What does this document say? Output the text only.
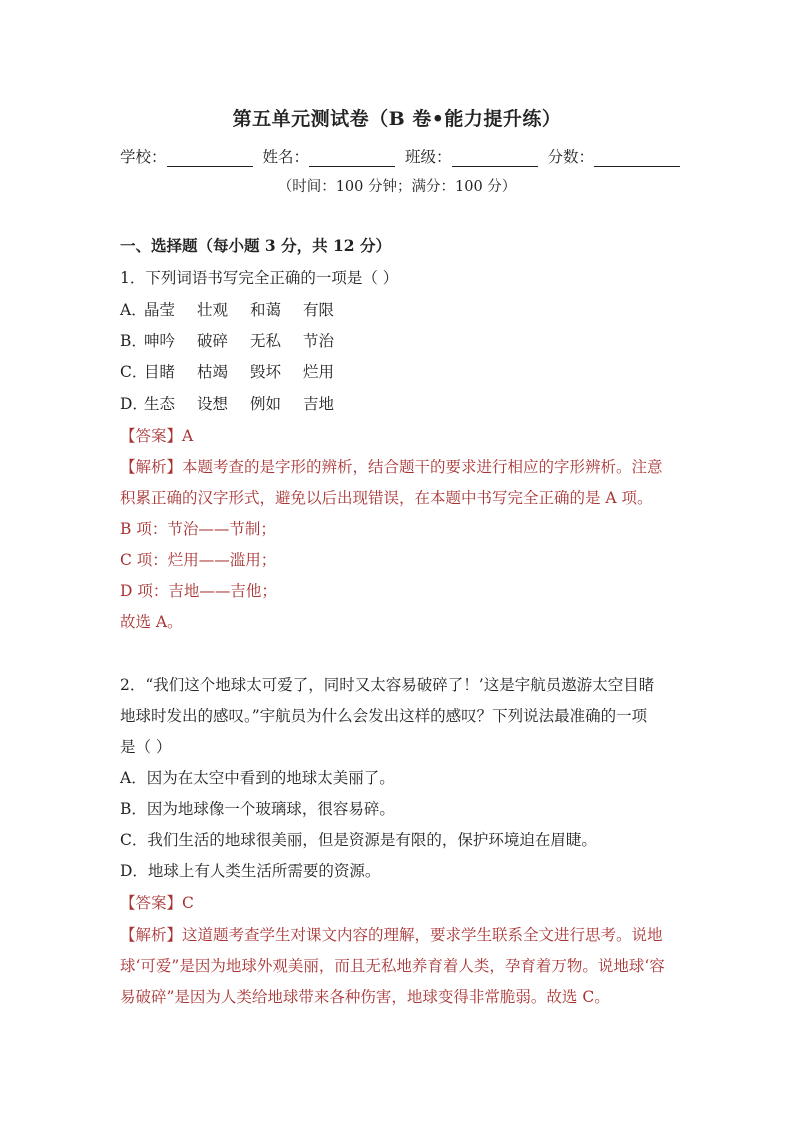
第五单元测试卷（B 卷•能力提升练）
学校：	姓名：	班级：	分数：
（时间：100 分钟；满分：100 分）
一、选择题（每小题 3 分，共 12 分）
1．下列词语书写完全正确的一项是（ ）
A．晶莹 壮观 和蔼 有限
B．呻吟 破碎 无私 节治
C．目睹 枯竭 毁坏 烂用
D．生态 设想 例如 吉地
【答案】A
【解析】本题考查的是字形的辨析，结合题干的要求进行相应的字形辨析。注意
积累正确的汉字形式，避免以后出现错误，在本题中书写完全正确的是 A 项。
B 项：节治——节制；
C 项：烂用——滥用；
D 项：吉地——吉他；
故选 A。
2．“我们这个地球太可爱了，同时又太容易破碎了！’这是宇航员遨游太空目睹
地球时发出的感叹。”宇航员为什么会发出这样的感叹？下列说法最准确的一项
是（ ）
A．因为在太空中看到的地球太美丽了。
B．因为地球像一个玻璃球，很容易碎。
C．我们生活的地球很美丽，但是资源是有限的，保护环境迫在眉睫。
D．地球上有人类生活所需要的资源。
【答案】C
【解析】这道题考查学生对课文内容的理解，要求学生联系全文进行思考。说地
球‘可爱”是因为地球外观美丽，而且无私地养育着人类，孕育着万物。说地球‘容
易破碎”是因为人类给地球带来各种伤害，地球变得非常脆弱。故选 C。
